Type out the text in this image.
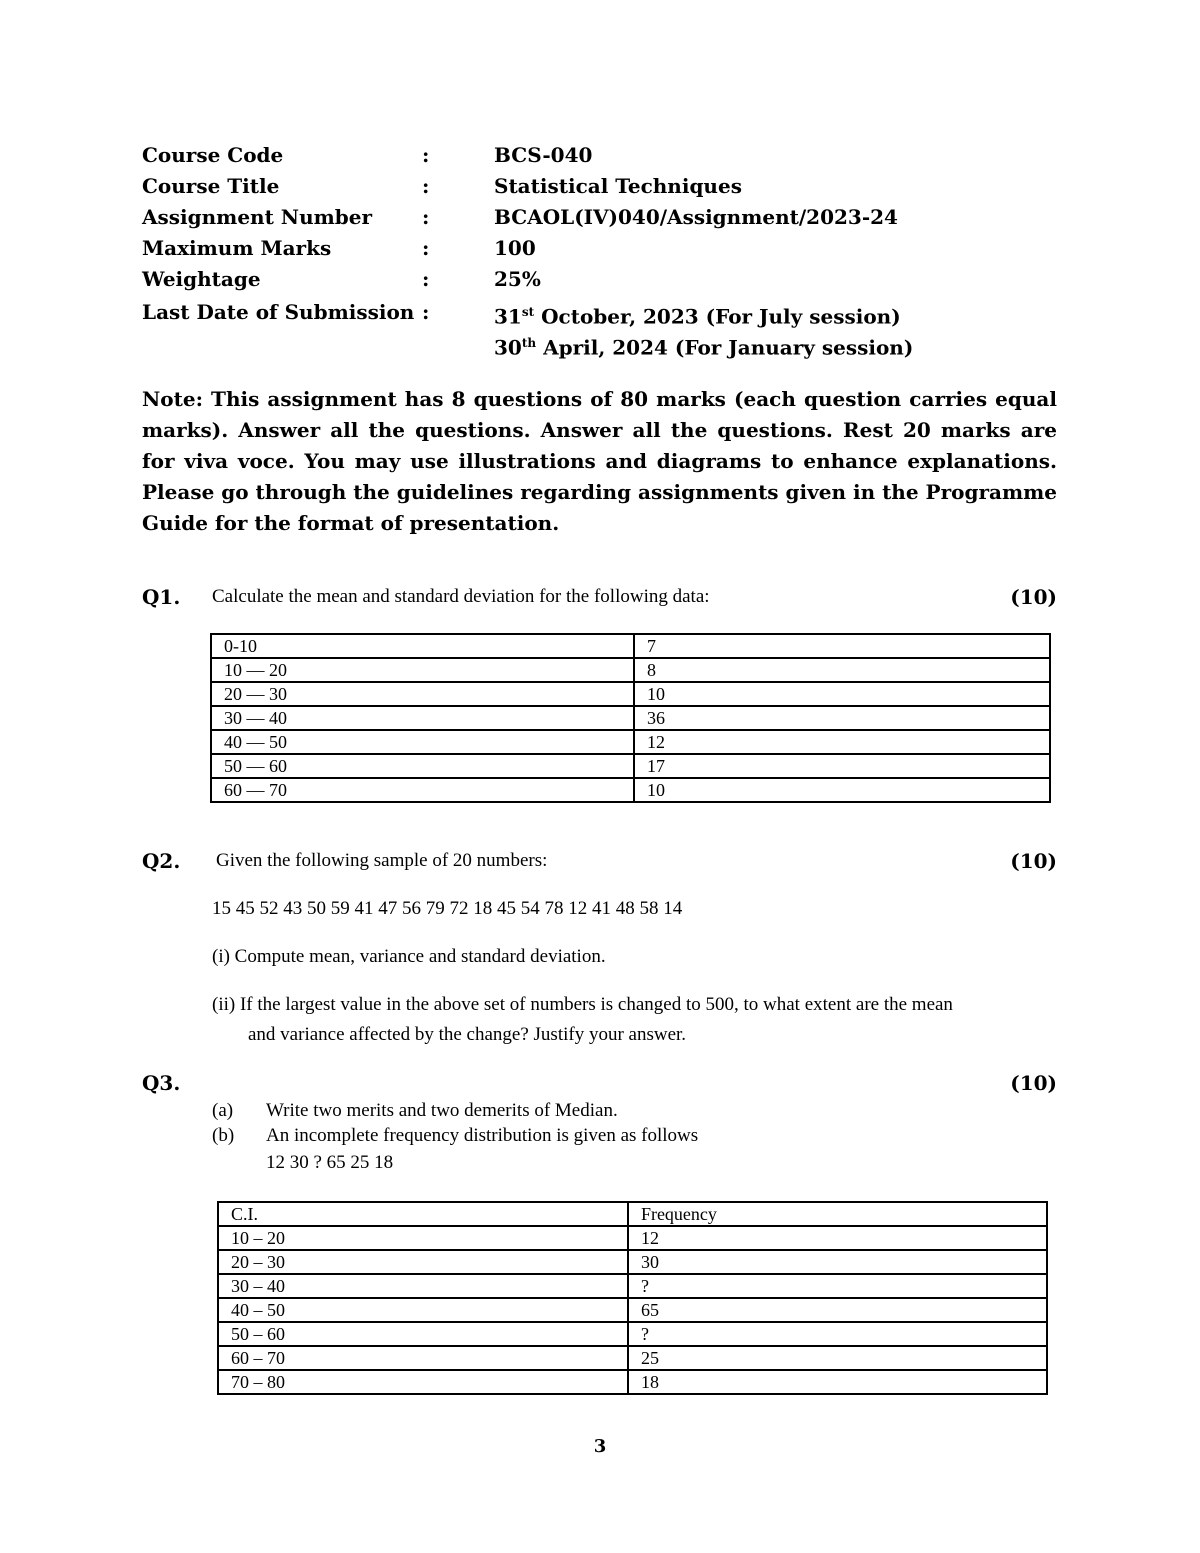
Course Code	:	BCS-040
Course Title	:	Statistical Techniques
Assignment Number :	BCAOL(IV)040/Assignment/2023-24
Maximum Marks	:	100
Weightage	:	25%
Last Date of Submission :	31st October, 2023 (For July session)
30th April, 2024 (For January session)
Note: This assignment has 8 questions of 80 marks (each question carries equal marks). Answer all the questions. Answer all the questions. Rest 20 marks are for viva voce. You may use illustrations and diagrams to enhance explanations. Please go through the guidelines regarding assignments given in the Programme Guide for the format of presentation.
Q1. Calculate the mean and standard deviation for the following data:	(10)
0-10	7
10 — 20	8
20 — 30	10
30 — 40	36
40 — 50	12
50 — 60	17
60 — 70	10
Q2. Given the following sample of 20 numbers:	(10)
15 45 52 43 50 59 41 47 56 79 72 18 45 54 78 12 41 48 58 14
(i) Compute mean, variance and standard deviation.
(ii) If the largest value in the above set of numbers is changed to 500, to what extent are the mean
and variance affected by the change? Justify your answer.
Q3.	(10)
(a) Write two merits and two demerits of Median.
(b) An incomplete frequency distribution is given as follows
12 30 ? 65 25 18
C.I.	Frequency
10 – 20	12
20 – 30	30
30 – 40	?
40 – 50	65
50 – 60	?
60 – 70	25
70 – 80	18
3
